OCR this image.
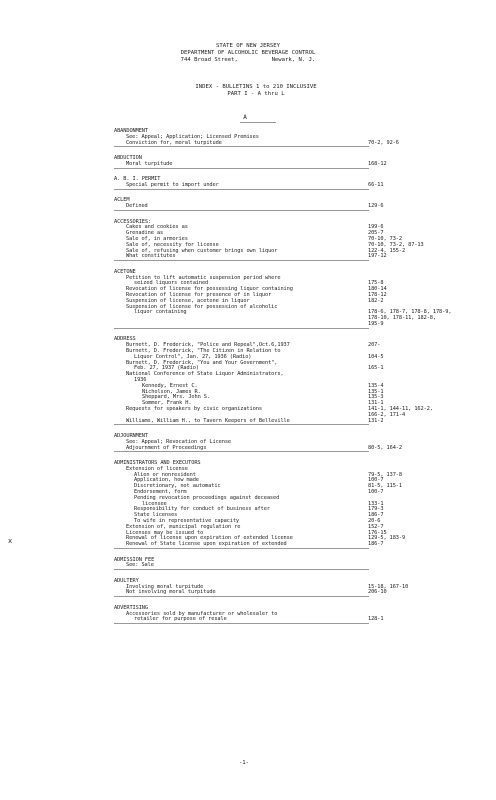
STATE OF NEW JERSEY
DEPARTMENT OF ALCOHOLIC BEVERAGE CONTROL
744 Broad Street,          Newark, N. J.
INDEX - BULLETINS 1 to 210 INCLUSIVE
PART I - A thru L
A
ABANDONMENT
See: Appeal; Application; Licensed Premises
Conviction for, moral turpitude	70-2, 92-6
ABDUCTION
Moral turpitude	168-12
A. B. I. PERMIT
Special permit to import under	66-11
ACLEM
Defined	129-6
ACCESSORIES:
Cakes and cookies as	199-6
Grenadine as	205-7
Sale of, in armories	70-10, 73-2
Sale of, necessity for license	70-10, 73-2, 87-13
Sale of, refusing when customer brings own liquor	122-4, 155-2
What constitutes	197-12
ACETONE
Petition to lift automatic suspension period where
seized liquors contained	175-8
Revocation of license for possessing liquor containing	180-14
Revocation of license for presence of in liquor	178-12
Suspension of license, acetone in liquor	182-2
Suspension of license for possession of alcoholic
liquor containing	178-6, 178-7, 178-8, 178-9,
178-10, 178-11, 182-8,
195-9
ADDRESS
Burnett, D. Frederick, "Police and Repeal",Oct.6,1937	207-
Burnett, D. Frederick, "The Citizen in Relation to
Liquor Control", Jan. 27, 1936 (Radio)	104-5
Burnett, D. Frederick, "You and Your Government",
Feb. 27, 1937 (Radio)	165-1
National Conference of State Liquor Administrators,
1936
Kennedy, Ernest C.	135-4
Nicholson, James R.	135-1
Sheppard, Mrs. John S.	135-3
Sommer, Frank H.	131-1
Requests for speakers by civic organizations	141-1, 144-11, 162-2,
166-2, 171-4
Williams, William H., to Tavern Keepers of Belleville	131-2
ADJOURNMENT
See: Appeal; Revocation of License
Adjournment of Proceedings	80-5, 164-2
ADMINISTRATORS AND EXECUTORS
Extension of license
Alien or nonresident	79-5, 137-8
Application, how made	100-7
Discretionary, not automatic	81-5, 115-1
Endorsement, form	100-7
Pending revocation proceedings against deceased
licensee	133-1
Responsibility for conduct of business after	179-3
State licenses	186-7
To wife in representative capacity	20-6
Extension of, municipal regulation re	152-7
Licenses may be issued to	176-15
Renewal of license upon expiration of extended license	129-5, 183-9
Renewal of State license upon expiration of extended	186-7
ADMISSION FEE
See: Sale
ADULTERY
Involving moral turpitude	15-18, 167-10
Not involving moral turpitude	206-10
ADVERTISING
Accessories sold by manufacturer or wholesaler to
retailer for purpose of resale	128-1
x
-1-
